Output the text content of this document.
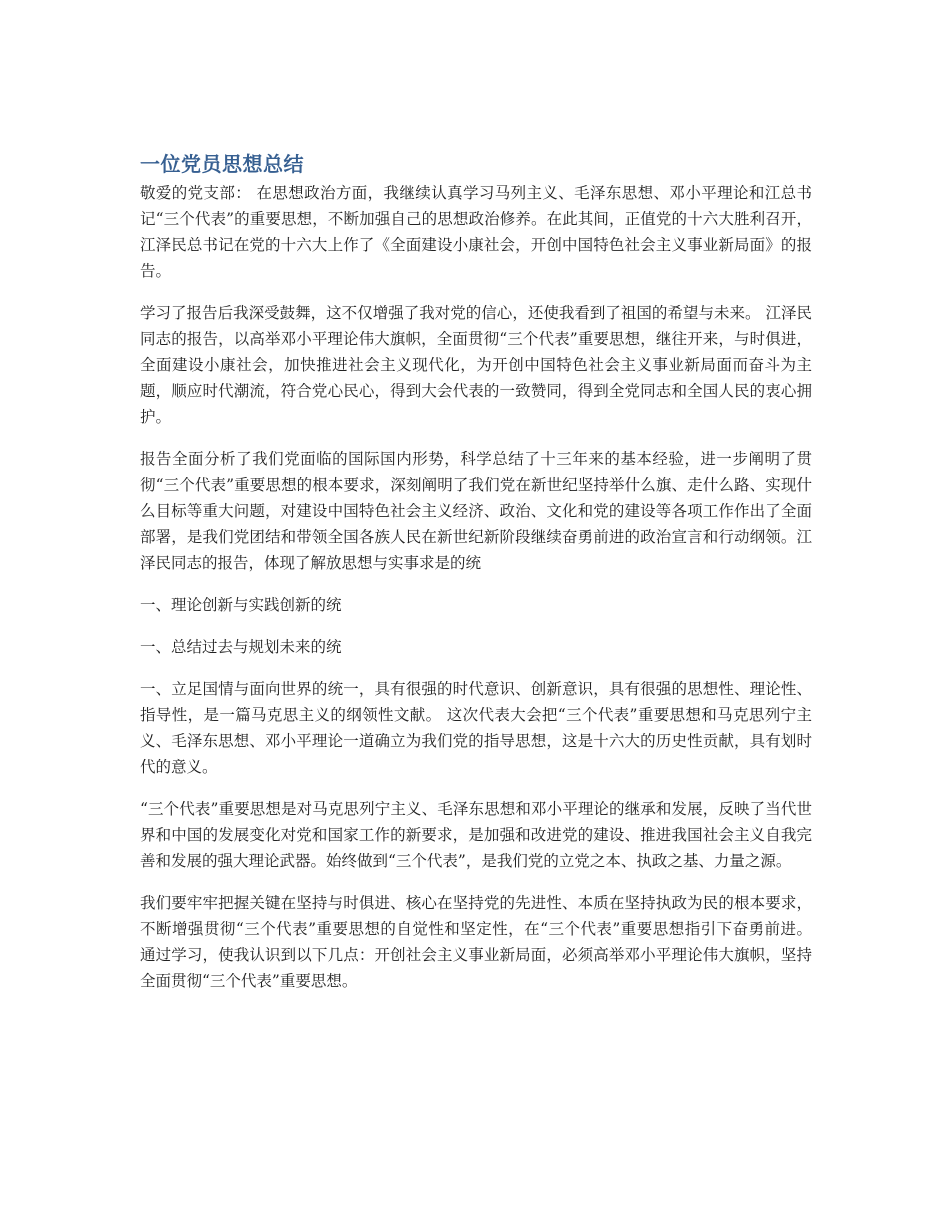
一位党员思想总结

敬爱的党支部： 在思想政治方面，我继续认真学习马列主义、毛泽东思想、邓小平理论和江总书记“三个代表”的重要思想，不断加强自己的思想政治修养。在此其间，正值党的十六大胜利召开，江泽民总书记在党的十六大上作了《全面建设小康社会，开创中国特色社会主义事业新局面》的报告。

学习了报告后我深受鼓舞，这不仅增强了我对党的信心，还使我看到了祖国的希望与未来。 江泽民同志的报告，以高举邓小平理论伟大旗帜，全面贯彻“三个代表”重要思想，继往开来，与时俱进，全面建设小康社会，加快推进社会主义现代化，为开创中国特色社会主义事业新局面而奋斗为主题，顺应时代潮流，符合党心民心，得到大会代表的一致赞同，得到全党同志和全国人民的衷心拥护。

报告全面分析了我们党面临的国际国内形势，科学总结了十三年来的基本经验，进一步阐明了贯彻“三个代表”重要思想的根本要求，深刻阐明了我们党在新世纪坚持举什么旗、走什么路、实现什么目标等重大问题，对建设中国特色社会主义经济、政治、文化和党的建设等各项工作作出了全面部署，是我们党团结和带领全国各族人民在新世纪新阶段继续奋勇前进的政治宣言和行动纲领。江泽民同志的报告，体现了解放思想与实事求是的统

一、理论创新与实践创新的统

一、总结过去与规划未来的统

一、立足国情与面向世界的统一，具有很强的时代意识、创新意识，具有很强的思想性、理论性、指导性，是一篇马克思主义的纲领性文献。 这次代表大会把“三个代表”重要思想和马克思列宁主义、毛泽东思想、邓小平理论一道确立为我们党的指导思想，这是十六大的历史性贡献，具有划时代的意义。

“三个代表”重要思想是对马克思列宁主义、毛泽东思想和邓小平理论的继承和发展，反映了当代世界和中国的发展变化对党和国家工作的新要求，是加强和改进党的建设、推进我国社会主义自我完善和发展的强大理论武器。始终做到“三个代表”，是我们党的立党之本、执政之基、力量之源。

我们要牢牢把握关键在坚持与时俱进、核心在坚持党的先进性、本质在坚持执政为民的根本要求，不断增强贯彻“三个代表”重要思想的自觉性和坚定性，在“三个代表”重要思想指引下奋勇前进。 通过学习，使我认识到以下几点：开创社会主义事业新局面，必须高举邓小平理论伟大旗帜，坚持全面贯彻“三个代表”重要思想。
